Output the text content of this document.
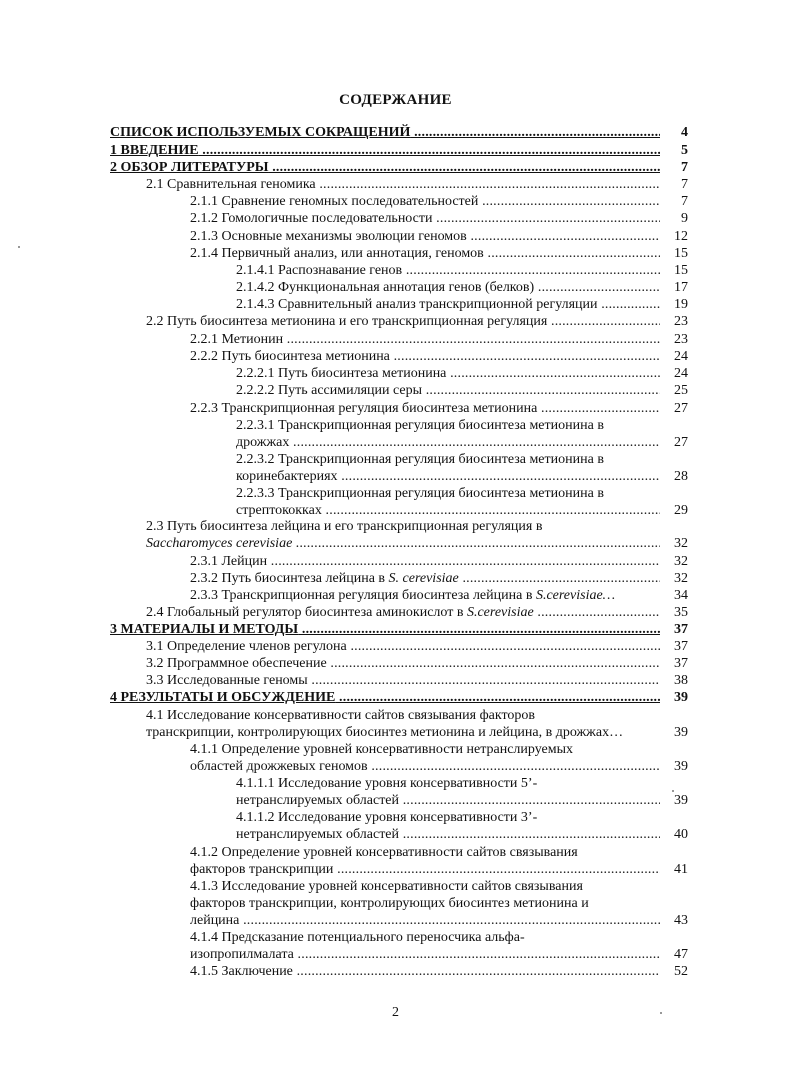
СОДЕРЖАНИЕ
СПИСОК ИСПОЛЬЗУЕМЫХ СОКРАЩЕНИЙ .....	4
1 ВВЕДЕНИЕ .....	5
2 ОБЗОР ЛИТЕРАТУРЫ .....	7
2.1 Сравнительная геномика .....	7
2.1.1 Сравнение геномных последовательностей .....	7
2.1.2 Гомологичные последовательности .....	9
2.1.3 Основные механизмы эволюции геномов .....	12
2.1.4 Первичный анализ, или аннотация, геномов .....	15
2.1.4.1 Распознавание генов .....	15
2.1.4.2 Функциональная аннотация генов (белков) .....	17
2.1.4.3 Сравнительный анализ транскрипционной регуляции .....	19
2.2 Путь биосинтеза метионина и его транскрипционная регуляция .....	23
2.2.1 Метионин .....	23
2.2.2 Путь биосинтеза метионина .....	24
2.2.2.1 Путь биосинтеза метионина .....	24
2.2.2.2 Путь ассимиляции серы .....	25
2.2.3 Транскрипционная регуляция биосинтеза метионина .....	27
2.2.3.1 Транскрипционная регуляция биосинтеза метионина в
дрожжах .....	27
2.2.3.2 Транскрипционная регуляция биосинтеза метионина в
коринебактериях .....	28
2.2.3.3 Транскрипционная регуляция биосинтеза метионина в
стрептококках .....	29
2.3 Путь биосинтеза лейцина и его транскрипционная регуляция в
Saccharomyces cerevisiae .....	32
2.3.1 Лейцин .....	32
2.3.2 Путь биосинтеза лейцина в S. cerevisiae .....	32
2.3.3 Транскрипционная регуляция биосинтеза лейцина в S.cerevisiae…	34
2.4 Глобальный регулятор биосинтеза аминокислот в S.cerevisiae .....	35
3 МАТЕРИАЛЫ И МЕТОДЫ .....	37
3.1 Определение членов регулона .....	37
3.2 Программное обеспечение .....	37
3.3 Исследованные геномы .....	38
4 РЕЗУЛЬТАТЫ И ОБСУЖДЕНИЕ .....	39
4.1 Исследование консервативности сайтов связывания факторов
транскрипции, контролирующих биосинтез метионина и лейцина, в дрожжах…	39
4.1.1 Определение уровней консервативности нетранслируемых
областей дрожжевых геномов .....	39
4.1.1.1 Исследование уровня консервативности 5’-
нетранслируемых областей .....	39
4.1.1.2 Исследование уровня консервативности 3’-
нетранслируемых областей .....	40
4.1.2 Определение уровней консервативности сайтов связывания
факторов транскрипции .....	41
4.1.3 Исследование уровней консервативности сайтов связывания
факторов транскрипции, контролирующих биосинтез метионина и
лейцина .....	43
4.1.4 Предсказание потенциального переносчика альфа-
изопропилмалата .....	47
4.1.5 Заключение .....	52
2
